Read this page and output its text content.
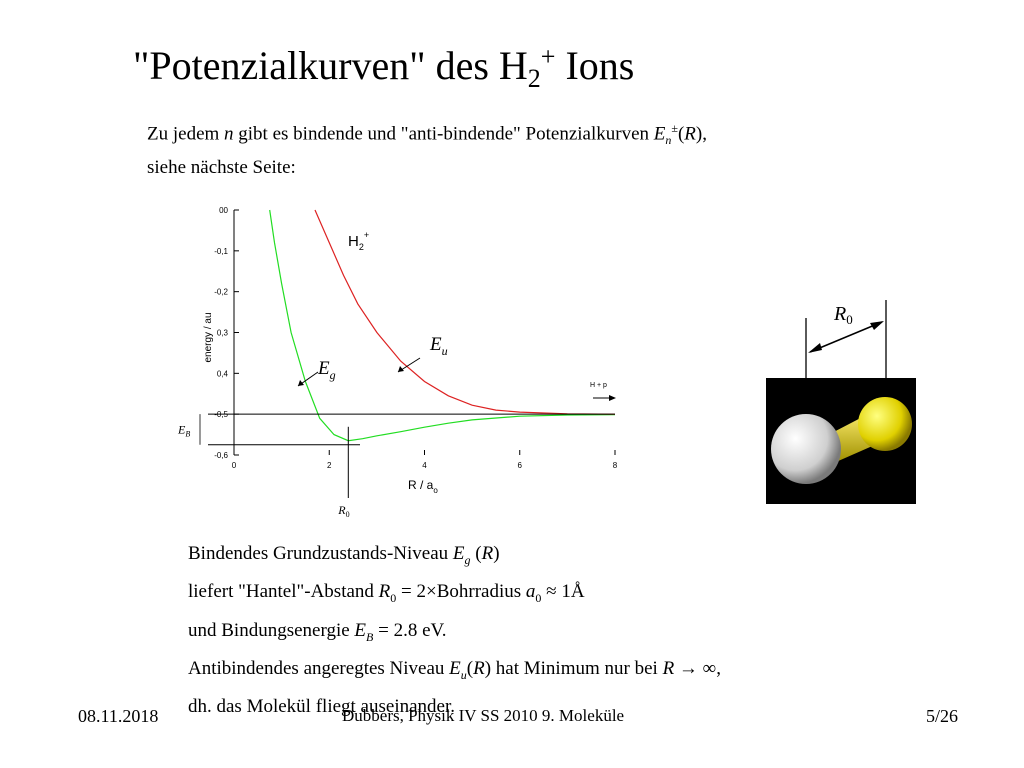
"Potenzialkurven" des $H_2^+$ Ions
Zu jedem n gibt es bindende und "anti-bindende" Potenzialkurven $E_n^\pm(R)$,
siehe nächste Seite:
00
-0,1
-0,2
0,3
0,4
-0,5
-0,6
0	2	4	6	8
R / $a_o$
energy / au
$H_2^+$
H + p
$E_g$
$E_u$
$E_B$
$R_0$
$R_0$
Bindendes Grundzustands-Niveau $E_g$ (R)
liefert "Hantel"-Abstand $R_0$ = 2×Bohrradius $a_0$ ≈ 1Å
und Bindungsenergie $E_B = 2.8$ eV.
Antibindendes angeregtes Niveau $E_u(R)$ hat Minimum nur bei R → ∞,
dh. das Molekül fliegt auseinander.
08.11.2018	Dubbers, Physik IV SS 2010 9. Moleküle	5/26
